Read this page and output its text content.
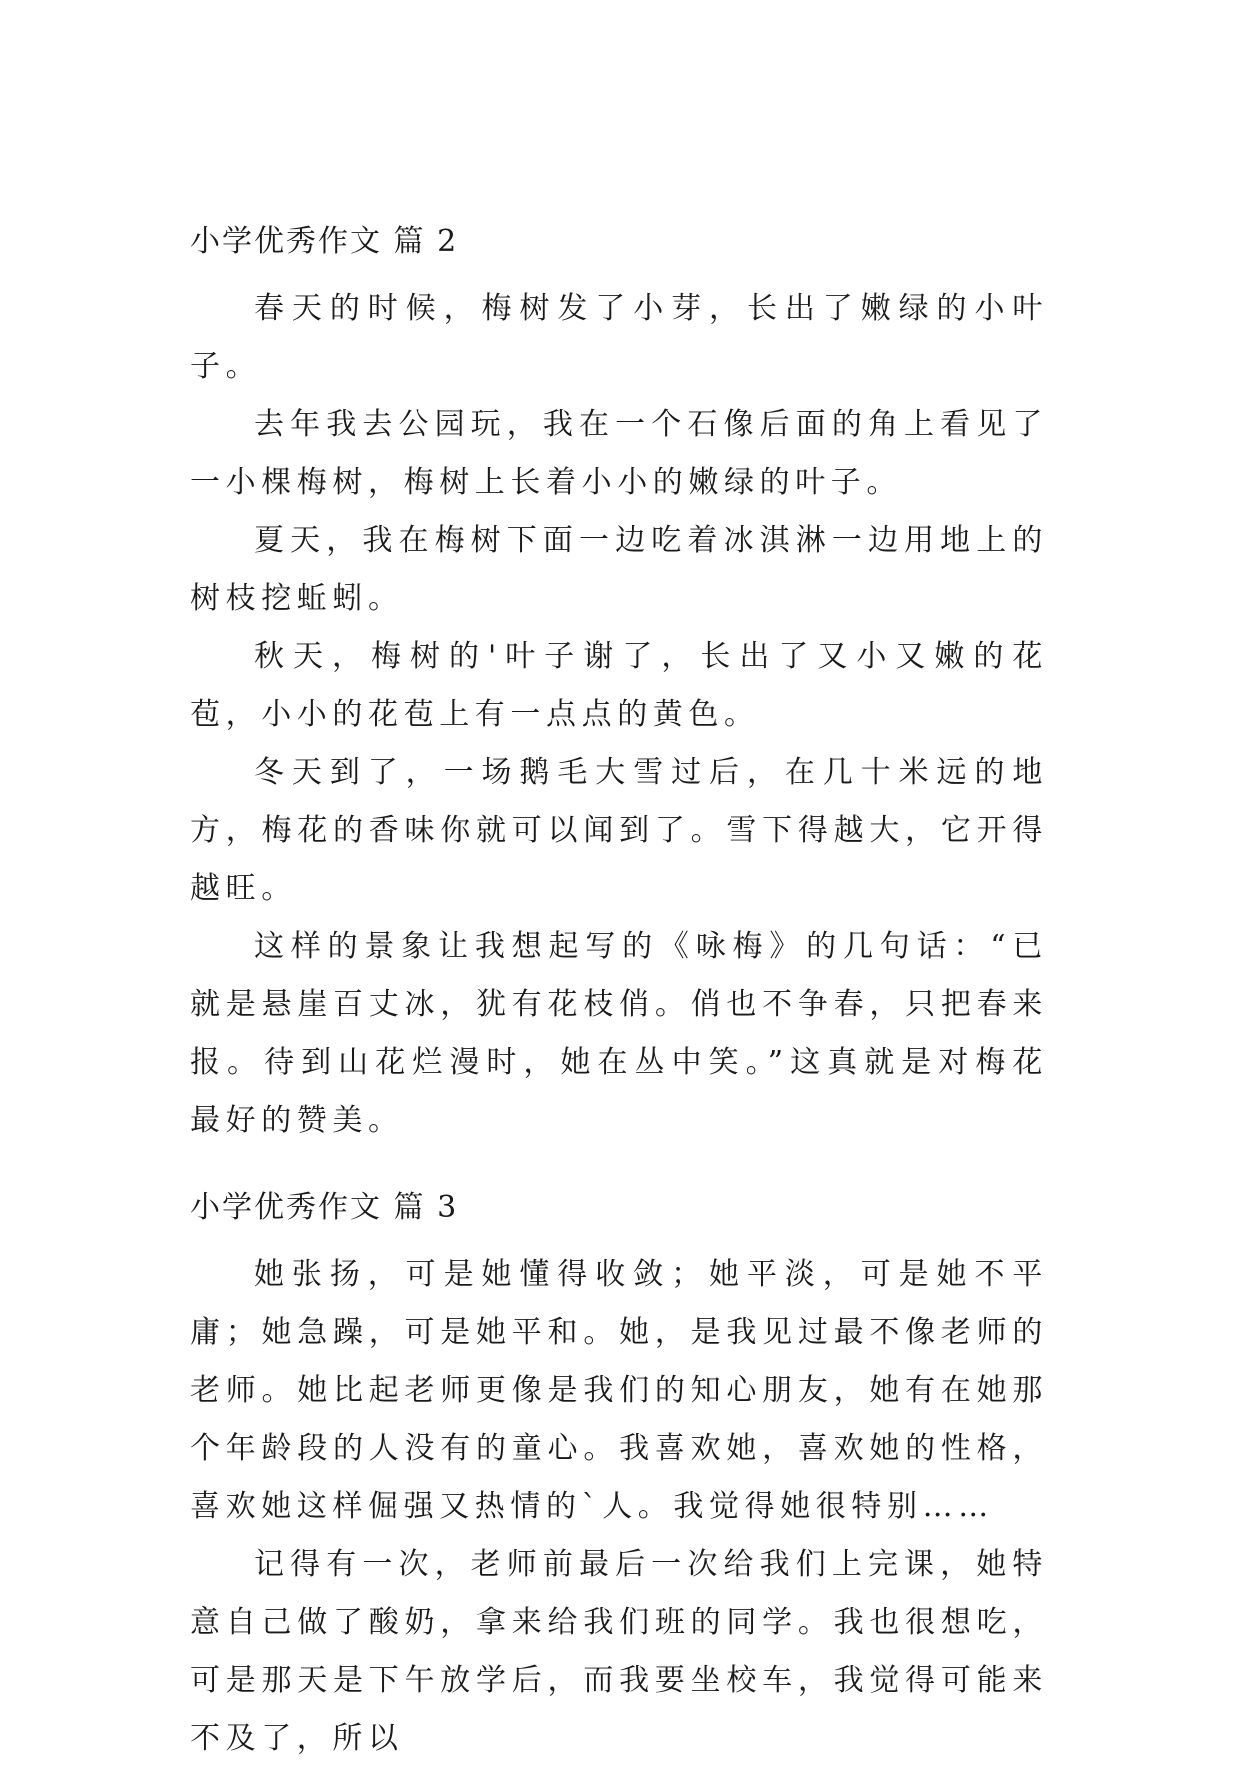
小学优秀作文 篇 2

春天的时候，梅树发了小芽，长出了嫩绿的小叶子。

去年我去公园玩，我在一个石像后面的角上看见了一小棵梅树，梅树上长着小小的嫩绿的叶子。

夏天，我在梅树下面一边吃着冰淇淋一边用地上的树枝挖蚯蚓。

秋天，梅树的'叶子谢了，长出了又小又嫩的花苞，小小的花苞上有一点点的黄色。

冬天到了，一场鹅毛大雪过后，在几十米远的地方，梅花的香味你就可以闻到了。雪下得越大，它开得越旺。

这样的景象让我想起写的《咏梅》的几句话：“已就是悬崖百丈冰，犹有花枝俏。俏也不争春，只把春来报。待到山花烂漫时，她在丛中笑。”这真就是对梅花最好的赞美。

小学优秀作文 篇 3

她张扬，可是她懂得收敛；她平淡，可是她不平庸；她急躁，可是她平和。她，是我见过最不像老师的老师。她比起老师更像是我们的知心朋友，她有在她那个年龄段的人没有的童心。我喜欢她，喜欢她的性格，喜欢她这样倔强又热情的`人。我觉得她很特别……

记得有一次，老师前最后一次给我们上完课，她特意自己做了酸奶，拿来给我们班的同学。我也很想吃，可是那天是下午放学后，而我要坐校车，我觉得可能来不及了，所以
